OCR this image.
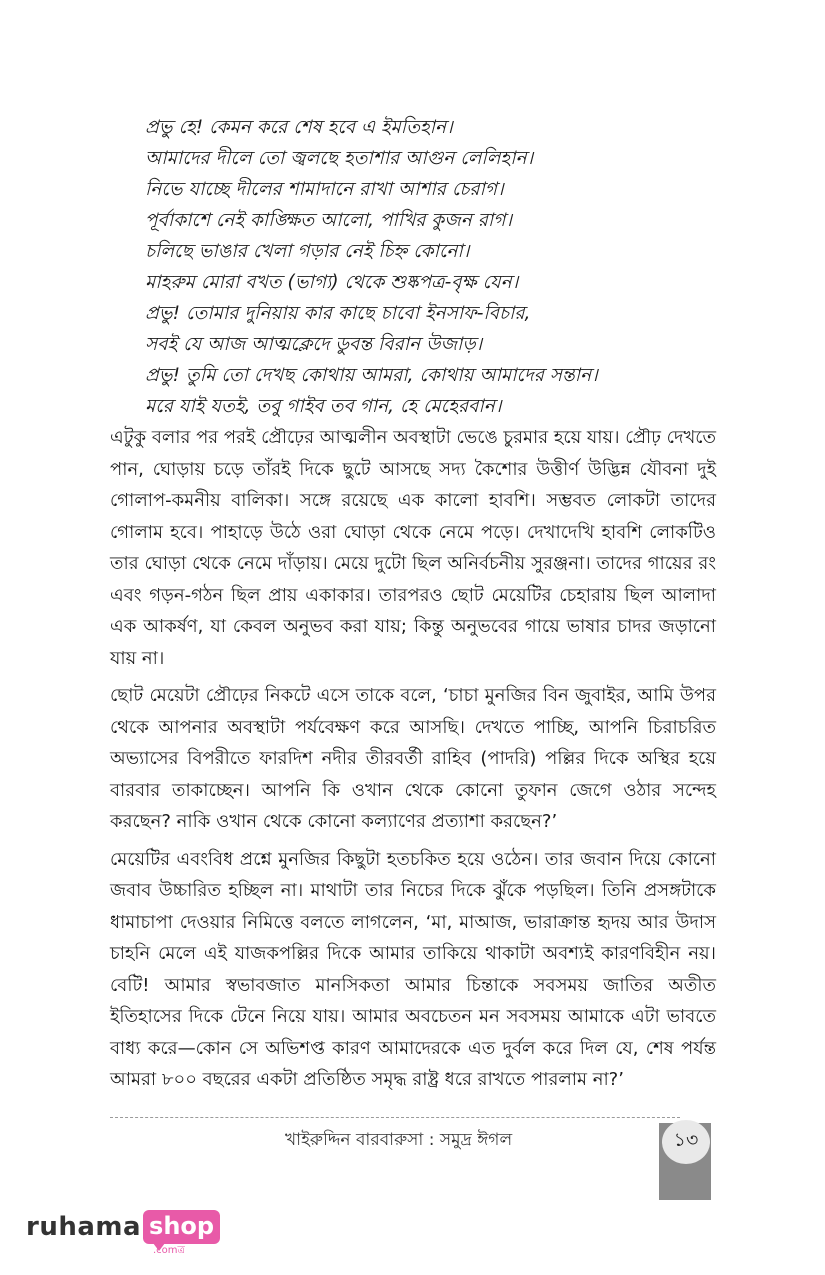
প্রভু হে! কেমন করে শেষ হবে এ ইমতিহান।
আমাদের দীলে তো জ্বলছে হতাশার আগুন লেলিহান।
নিভে যাচ্ছে দীলের শামাদানে রাখা আশার চেরাগ।
পূর্বাকাশে নেই কাঙ্ক্ষিত আলো, পাখির কুজন রাগ।
চলিছে ভাঙার খেলা গড়ার নেই চিহ্ন কোনো।
মাহরুম মোরা বখত (ভাগ্য) থেকে শুষ্কপত্র-বৃক্ষ যেন।
প্রভু! তোমার দুনিয়ায় কার কাছে চাবো ইনসাফ-বিচার,
সবই যে আজ আত্মক্লেদে ডুবন্ত বিরান উজাড়।
প্রভু! তুমি তো দেখছ কোথায় আমরা, কোথায় আমাদের সন্তান।
মরে যাই যতই, তবু গাইব তব গান, হে মেহেরবান।

এটুকু বলার পর পরই প্রৌঢ়ের আত্মলীন অবস্থাটা ভেঙে চুরমার হয়ে যায়। প্রৌঢ় দেখতে পান, ঘোড়ায় চড়ে তাঁরই দিকে ছুটে আসছে সদ্য কৈশোর উত্তীর্ণ উদ্ভিন্ন যৌবনা দুই গোলাপ-কমনীয় বালিকা। সঙ্গে রয়েছে এক কালো হাবশি। সম্ভবত লোকটা তাদের গোলাম হবে। পাহাড়ে উঠে ওরা ঘোড়া থেকে নেমে পড়ে। দেখাদেখি হাবশি লোকটিও তার ঘোড়া থেকে নেমে দাঁড়ায়। মেয়ে দুটো ছিল অনির্বচনীয় সুরঞ্জনা। তাদের গায়ের রং এবং গড়ন-গঠন ছিল প্রায় একাকার। তারপরও ছোট মেয়েটির চেহারায় ছিল আলাদা এক আকর্ষণ, যা কেবল অনুভব করা যায়; কিন্তু অনুভবের গায়ে ভাষার চাদর জড়ানো যায় না।

ছোট মেয়েটা প্রৌঢ়ের নিকটে এসে তাকে বলে, ‘চাচা মুনজির বিন জুবাইর, আমি উপর থেকে আপনার অবস্থাটা পর্যবেক্ষণ করে আসছি। দেখতে পাচ্ছি, আপনি চিরাচরিত অভ্যাসের বিপরীতে ফারদিশ নদীর তীরবর্তী রাহিব (পাদরি) পল্লির দিকে অস্থির হয়ে বারবার তাকাচ্ছেন। আপনি কি ওখান থেকে কোনো তুফান জেগে ওঠার সন্দেহ করছেন? নাকি ওখান থেকে কোনো কল্যাণের প্রত্যাশা করছেন?’

মেয়েটির এবংবিধ প্রশ্নে মুনজির কিছুটা হতচকিত হয়ে ওঠেন। তার জবান দিয়ে কোনো জবাব উচ্চারিত হচ্ছিল না। মাথাটা তার নিচের দিকে ঝুঁকে পড়ছিল। তিনি প্রসঙ্গটাকে ধামাচাপা দেওয়ার নিমিত্তে বলতে লাগলেন, ‘মা, মাআজ, ভারাক্রান্ত হৃদয় আর উদাস চাহনি মেলে এই যাজকপল্লির দিকে আমার তাকিয়ে থাকাটা অবশ্যই কারণবিহীন নয়। বেটি! আমার স্বভাবজাত মানসিকতা আমার চিন্তাকে সবসময় জাতির অতীত ইতিহাসের দিকে টেনে নিয়ে যায়। আমার অবচেতন মন সবসময় আমাকে এটা ভাবতে বাধ্য করে—কোন সে অভিশপ্ত কারণ আমাদেরকে এত দুর্বল করে দিল যে, শেষ পর্যন্ত আমরা ৮০০ বছরের একটা প্রতিষ্ঠিত সমৃদ্ধ রাষ্ট্র ধরে রাখতে পারলাম না?’

খাইরুদ্দিন বারবারুসা : সমুদ্র ঈগল	১৩
ruhama shop
.comত্ৰ
